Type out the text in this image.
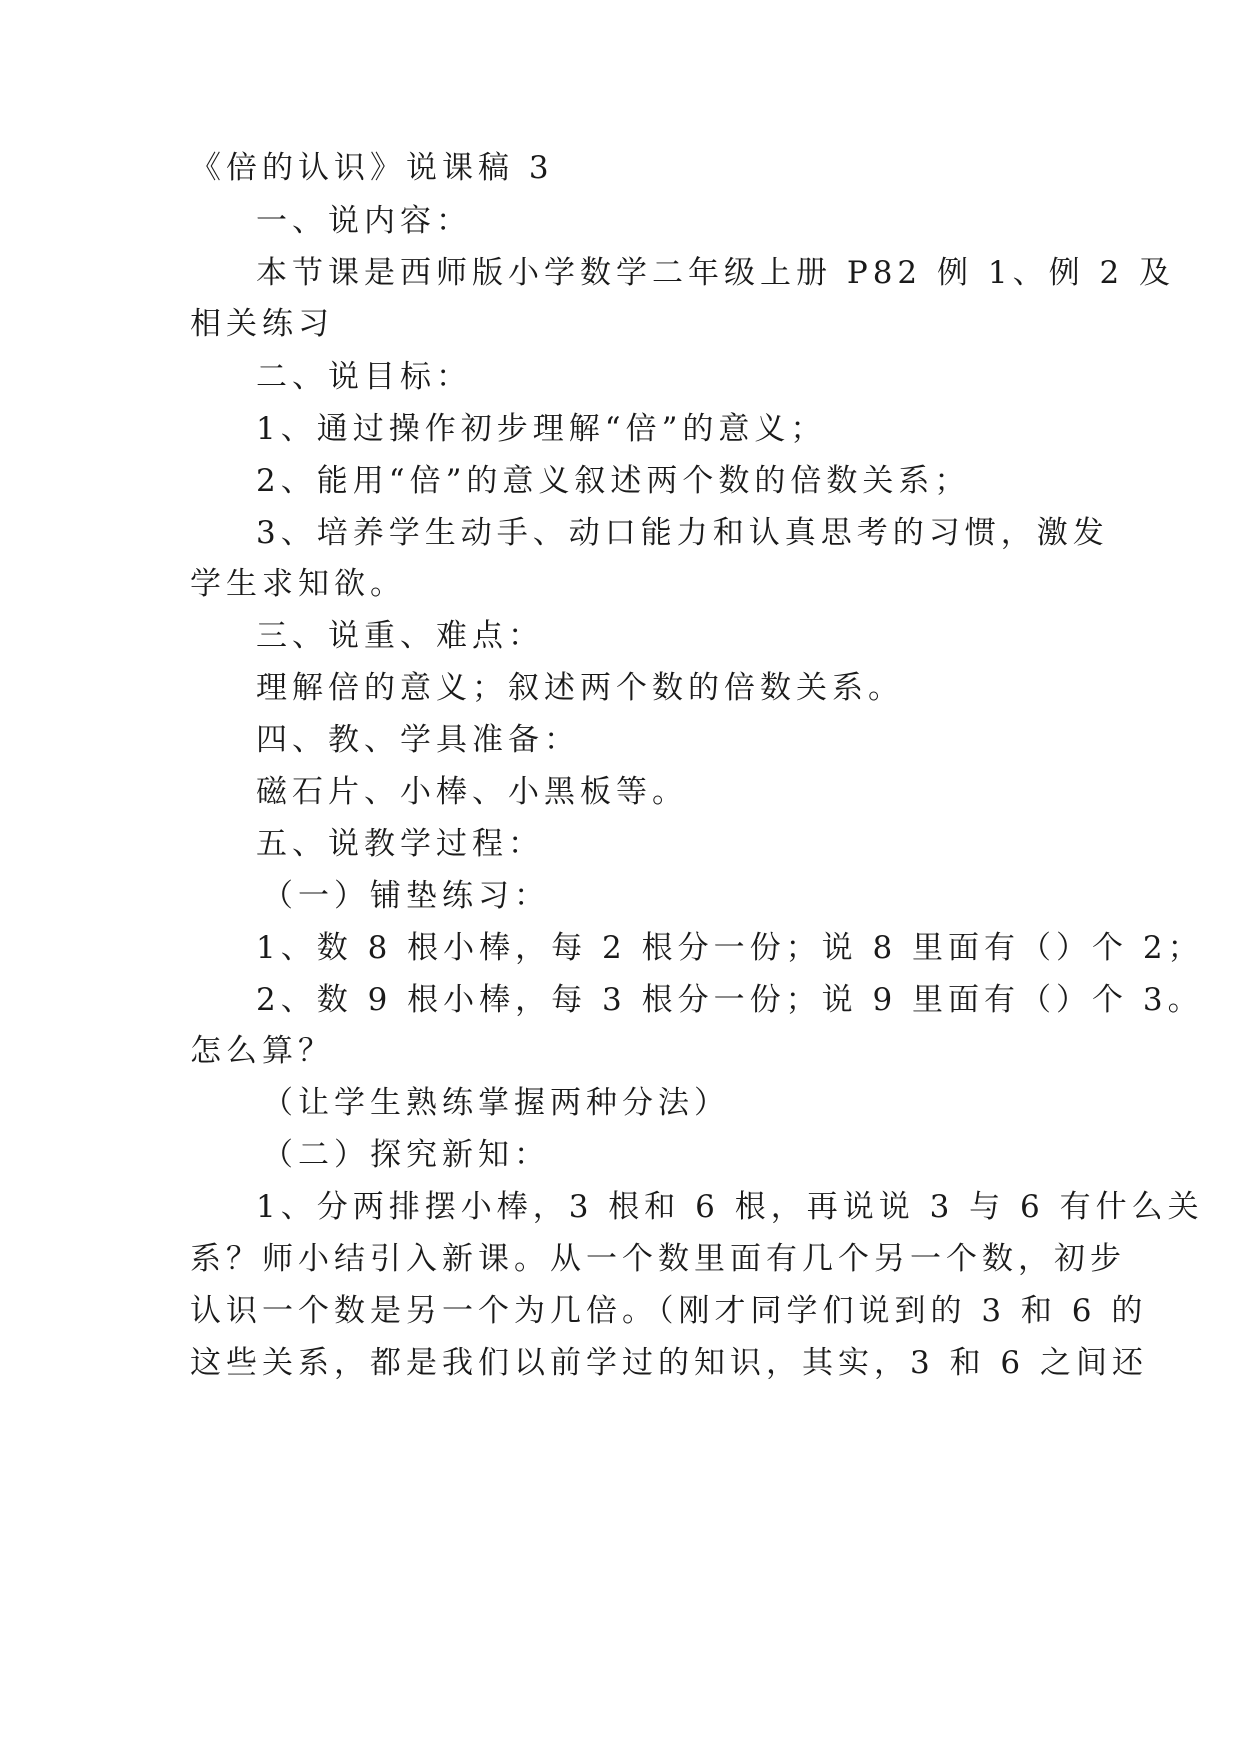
《倍的认识》说课稿 3
一、说内容：
本节课是西师版小学数学二年级上册 P82 例 1、例 2 及
相关练习
二、说目标：
1、通过操作初步理解“倍”的意义；
2、能用“倍”的意义叙述两个数的倍数关系；
3、培养学生动手、动口能力和认真思考的习惯，激发
学生求知欲。
三、说重、难点：
理解倍的意义；叙述两个数的倍数关系。
四、教、学具准备：
磁石片、小棒、小黑板等。
五、说教学过程：
（一）铺垫练习：
1、数 8 根小棒，每 2 根分一份；说 8 里面有（）个 2；
2、数 9 根小棒，每 3 根分一份；说 9 里面有（）个 3。
怎么算？
（让学生熟练掌握两种分法）
（二）探究新知：
1、分两排摆小棒，3 根和 6 根，再说说 3 与 6 有什么关
系？师小结引入新课。从一个数里面有几个另一个数，初步
认识一个数是另一个为几倍。（刚才同学们说到的 3 和 6 的
这些关系，都是我们以前学过的知识，其实，3 和 6 之间还
